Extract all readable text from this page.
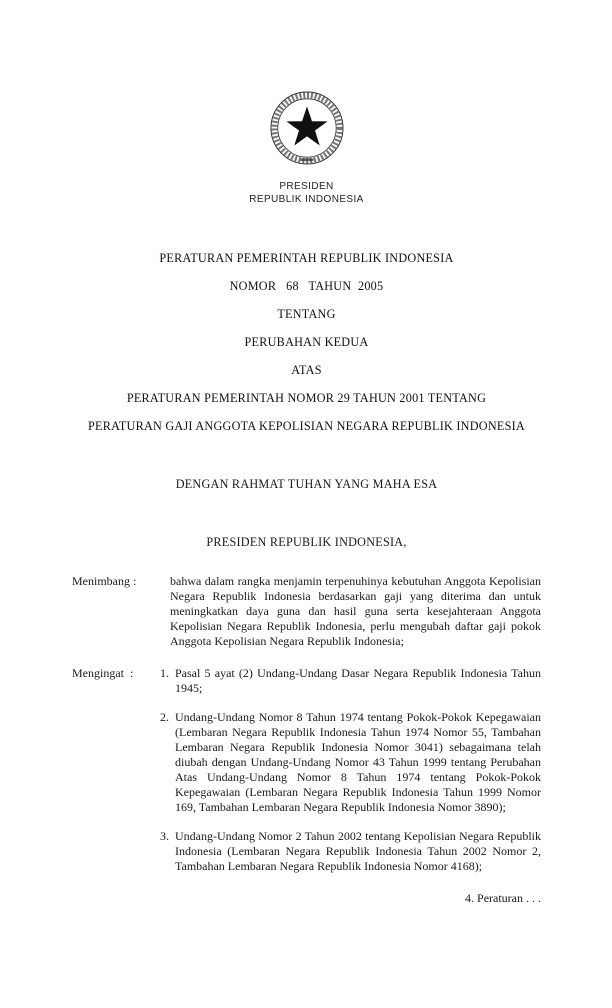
PRESIDEN
REPUBLIK INDONESIA
PERATURAN PEMERINTAH REPUBLIK INDONESIA
NOMOR   68   TAHUN  2005
TENTANG
PERUBAHAN KEDUA
ATAS
PERATURAN PEMERINTAH NOMOR 29 TAHUN 2001 TENTANG
PERATURAN GAJI ANGGOTA KEPOLISIAN NEGARA REPUBLIK INDONESIA
DENGAN RAHMAT TUHAN YANG MAHA ESA
PRESIDEN REPUBLIK INDONESIA,
Menimbang :	bahwa dalam rangka menjamin terpenuhinya kebutuhan Anggota Kepolisian Negara Republik Indonesia berdasarkan gaji yang diterima dan untuk meningkatkan daya guna dan hasil guna serta kesejahteraan Anggota Kepolisian Negara Republik Indonesia, perlu mengubah daftar gaji pokok Anggota Kepolisian Negara Republik Indonesia;
Mengingat  :	1. Pasal 5 ayat (2) Undang-Undang Dasar Negara Republik Indonesia Tahun 1945;
2. Undang-Undang Nomor 8 Tahun 1974 tentang Pokok-Pokok Kepegawaian (Lembaran Negara Republik Indonesia Tahun 1974 Nomor 55, Tambahan Lembaran Negara Republik Indonesia Nomor 3041) sebagaimana telah diubah dengan Undang-Undang Nomor 43 Tahun 1999 tentang Perubahan Atas Undang-Undang Nomor 8 Tahun 1974 tentang Pokok-Pokok Kepegawaian (Lembaran Negara Republik Indonesia Tahun 1999 Nomor 169, Tambahan Lembaran Negara Republik Indonesia Nomor 3890);
3. Undang-Undang Nomor 2 Tahun 2002 tentang Kepolisian Negara Republik Indonesia (Lembaran Negara Republik Indonesia Tahun 2002 Nomor 2, Tambahan Lembaran Negara Republik Indonesia Nomor 4168);
4. Peraturan . . .
